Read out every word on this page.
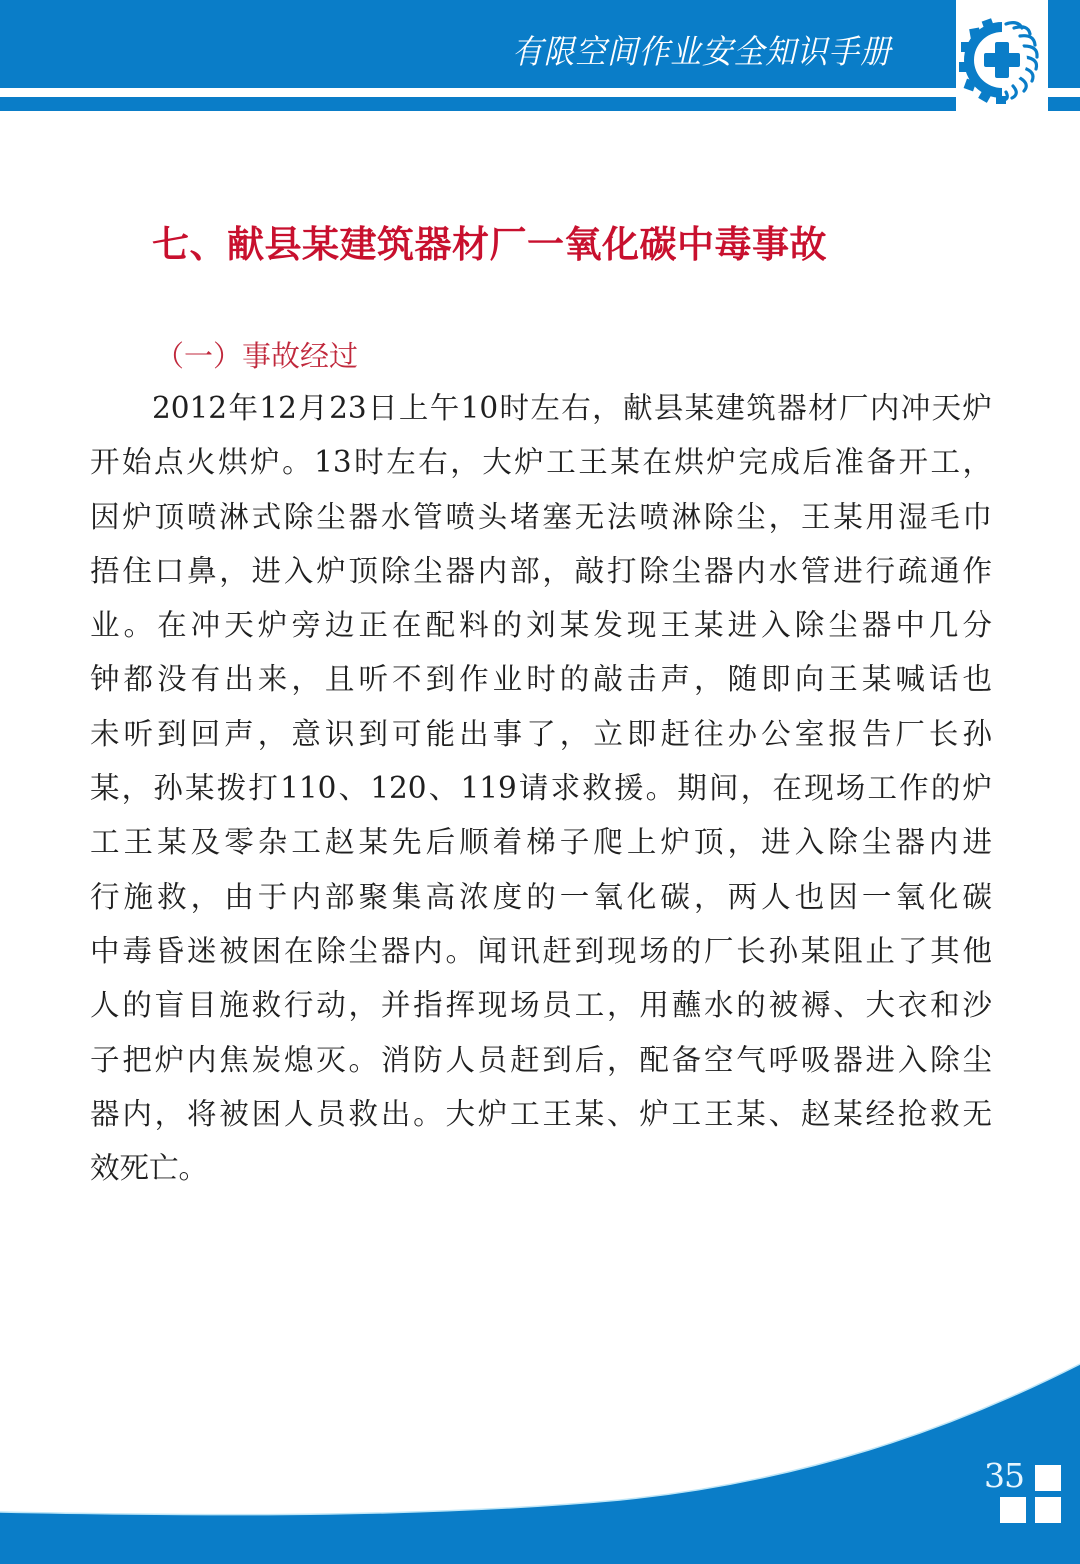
有限空间作业安全知识手册
七、献县某建筑器材厂一氧化碳中毒事故
（一）事故经过
2012年12月23日上午10时左右，献县某建筑器材厂内冲天炉
开始点火烘炉。13时左右，大炉工王某在烘炉完成后准备开工，
因炉顶喷淋式除尘器水管喷头堵塞无法喷淋除尘，王某用湿毛巾
捂住口鼻，进入炉顶除尘器内部，敲打除尘器内水管进行疏通作
业。在冲天炉旁边正在配料的刘某发现王某进入除尘器中几分
钟都没有出来，且听不到作业时的敲击声，随即向王某喊话也
未听到回声，意识到可能出事了，立即赶往办公室报告厂长孙
某，孙某拨打110、120、119请求救援。期间，在现场工作的炉
工王某及零杂工赵某先后顺着梯子爬上炉顶，进入除尘器内进
行施救，由于内部聚集高浓度的一氧化碳，两人也因一氧化碳
中毒昏迷被困在除尘器内。闻讯赶到现场的厂长孙某阻止了其他
人的盲目施救行动，并指挥现场员工，用蘸水的被褥、大衣和沙
子把炉内焦炭熄灭。消防人员赶到后，配备空气呼吸器进入除尘
器内，将被困人员救出。大炉工王某、炉工王某、赵某经抢救无
效死亡。
35
